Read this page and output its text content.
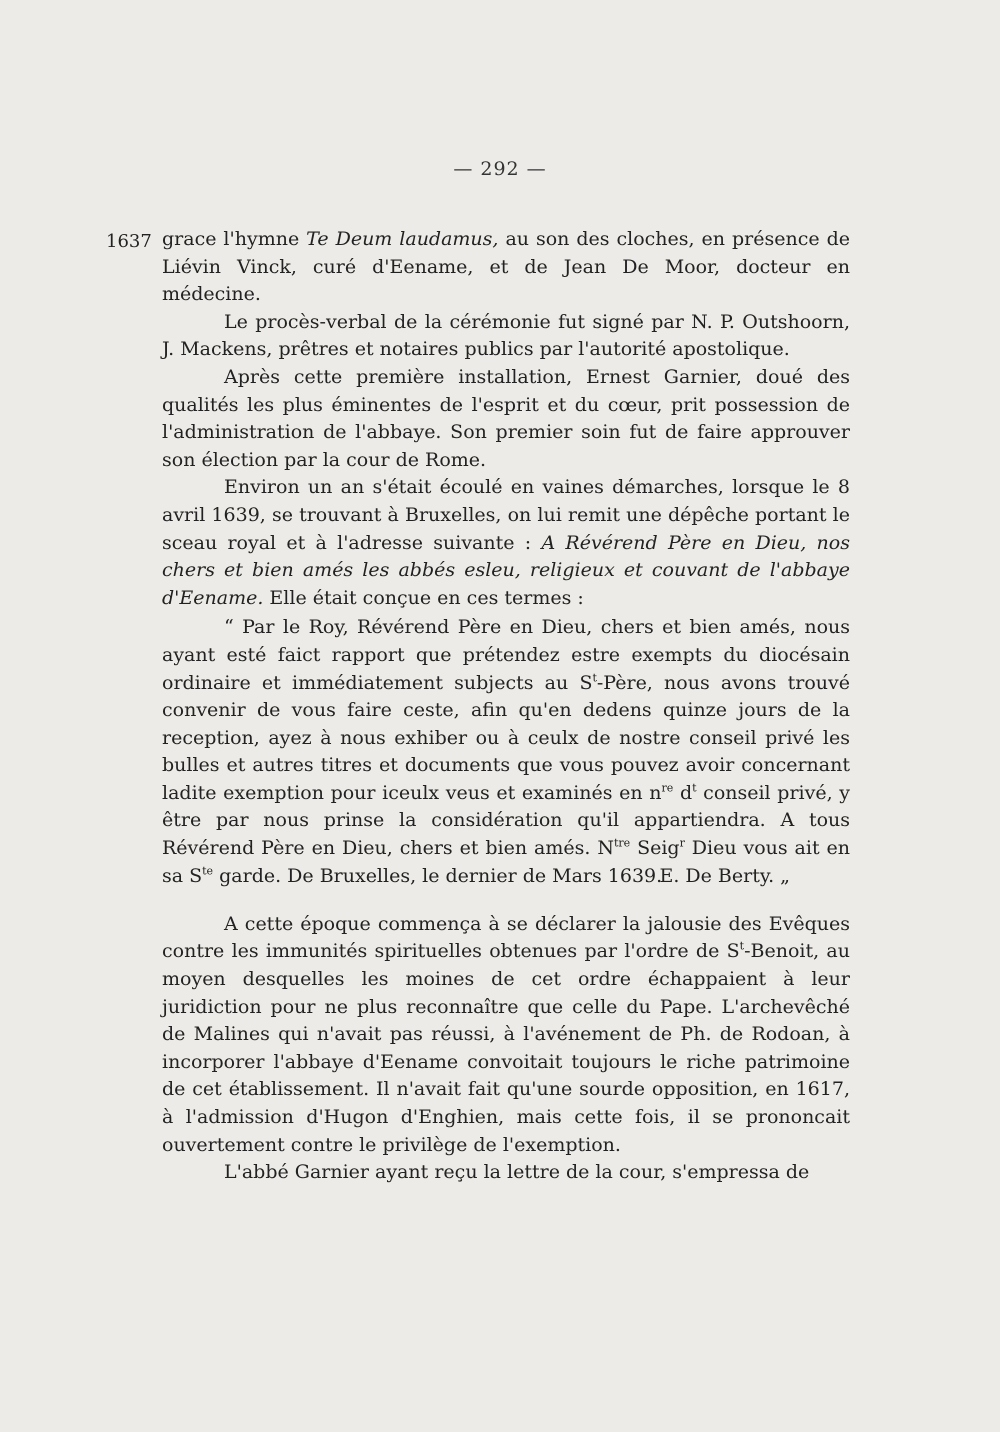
— 292 —
1637 grace l'hymne Te Deum laudamus, au son des cloches, en présence de Liévin Vinck, curé d'Eename, et de Jean De Moor, docteur en médecine.

Le procès-verbal de la cérémonie fut signé par N. P. Outshoorn, J. Mackens, prêtres et notaires publics par l'autorité apostolique.

Après cette première installation, Ernest Garnier, doué des qualités les plus éminentes de l'esprit et du cœur, prit possession de l'administration de l'abbaye. Son premier soin fut de faire approuver son élection par la cour de Rome.

Environ un an s'était écoulé en vaines démarches, lorsque le 8 avril 1639, se trouvant à Bruxelles, on lui remit une dépêche portant le sceau royal et à l'adresse suivante : A Révérend Père en Dieu, nos chers et bien amés les abbés esleu, religieux et couvant de l'abbaye d'Eename. Elle était conçue en ces termes :

“ Par le Roy, Révérend Père en Dieu, chers et bien amés, nous ayant esté faict rapport que prétendez estre exempts du diocésain ordinaire et immédiatement subjects au $S^t$-Père, nous avons trouvé convenir de vous faire ceste, afin qu'en dedens quinze jours de la reception, ayez à nous exhiber ou à ceulx de nostre conseil privé les bulles et autres titres et documents que vous pouvez avoir concernant ladite exemption pour iceulx veus et examinés en $n^{re}$ $d^t$ conseil privé, y être par nous prinse la considération qu'il appartiendra. A tous Révérend Père en Dieu, chers et bien amés. $N^{tre}$ Seig$^r$ Dieu vous ait en sa $S^{te}$ garde. De Bruxelles, le dernier de Mars 1639.

E. De Berty. „

A cette époque commença à se déclarer la jalousie des Evêques contre les immunités spirituelles obtenues par l'ordre de $S^t$-Benoit, au moyen desquelles les moines de cet ordre échappaient à leur juridiction pour ne plus reconnaître que celle du Pape. L'archevêché de Malines qui n'avait pas réussi, à l'avénement de Ph. de Rodoan, à incorporer l'abbaye d'Eename convoitait toujours le riche patrimoine de cet établissement. Il n'avait fait qu'une sourde opposition, en 1617, à l'admission d'Hugon d'Enghien, mais cette fois, il se prononcait ouvertement contre le privilège de l'exemption.

L'abbé Garnier ayant reçu la lettre de la cour, s'empressa de
